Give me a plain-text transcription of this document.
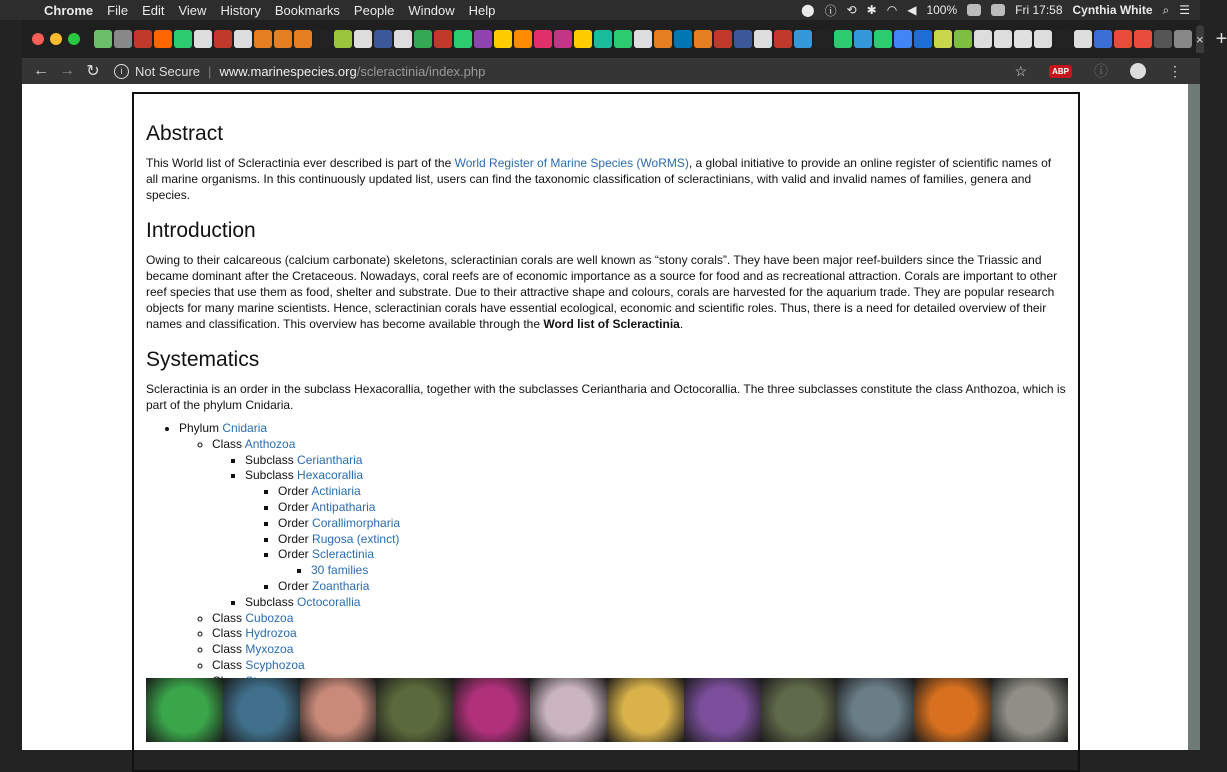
Chrome File Edit View History Bookmarks People Window Help	⬤ ⓘ ⟲ ✱ ◠ ◀ 100%	Fri 17:58 Cynthia White ⌕ ☰
× +
← → ↻	i Not Secure | www.marinespecies.org /scleractinia/index.php	☆	ABP ⓘ	⋮
Abstract

This World list of Scleractinia ever described is part of the World Register of Marine Species (WoRMS), a global initiative to provide an online register of scientific names of all marine organisms. In this continuously updated list, users can find the taxonomic classification of scleractinians, with valid and invalid names of families, genera and species.

Introduction

Owing to their calcareous (calcium carbonate) skeletons, scleractinian corals are well known as “stony corals”. They have been major reef-builders since the Triassic and became dominant after the Cretaceous. Nowadays, coral reefs are of economic importance as a source for food and as recreational attraction. Corals are important to other reef species that use them as food, shelter and substrate. Due to their attractive shape and colours, corals are harvested for the aquarium trade. They are popular research objects for many marine scientists. Hence, scleractinian corals have essential ecological, economic and scientific roles. Thus, there is a need for detailed overview of their names and classification. This overview has become available through the Word list of Scleractinia.

Systematics

Scleractinia is an order in the subclass Hexacorallia, together with the subclasses Ceriantharia and Octocorallia. The three subclasses constitute the class Anthozoa, which is part of the phylum Cnidaria.

• Phylum Cnidaria
◦ Class Anthozoa
▪ Subclass Ceriantharia
▪ Subclass Hexacorallia
▪ Order Actiniaria
▪ Order Antipatharia
▪ Order Corallimorpharia
▪ Order Rugosa (extinct)
▪ Order Scleractinia
▪ 30 families
▪ Order Zoantharia
▪ Subclass Octocorallia
◦ Class Cubozoa
◦ Class Hydrozoa
◦ Class Myxozoa
◦ Class Scyphozoa
◦
